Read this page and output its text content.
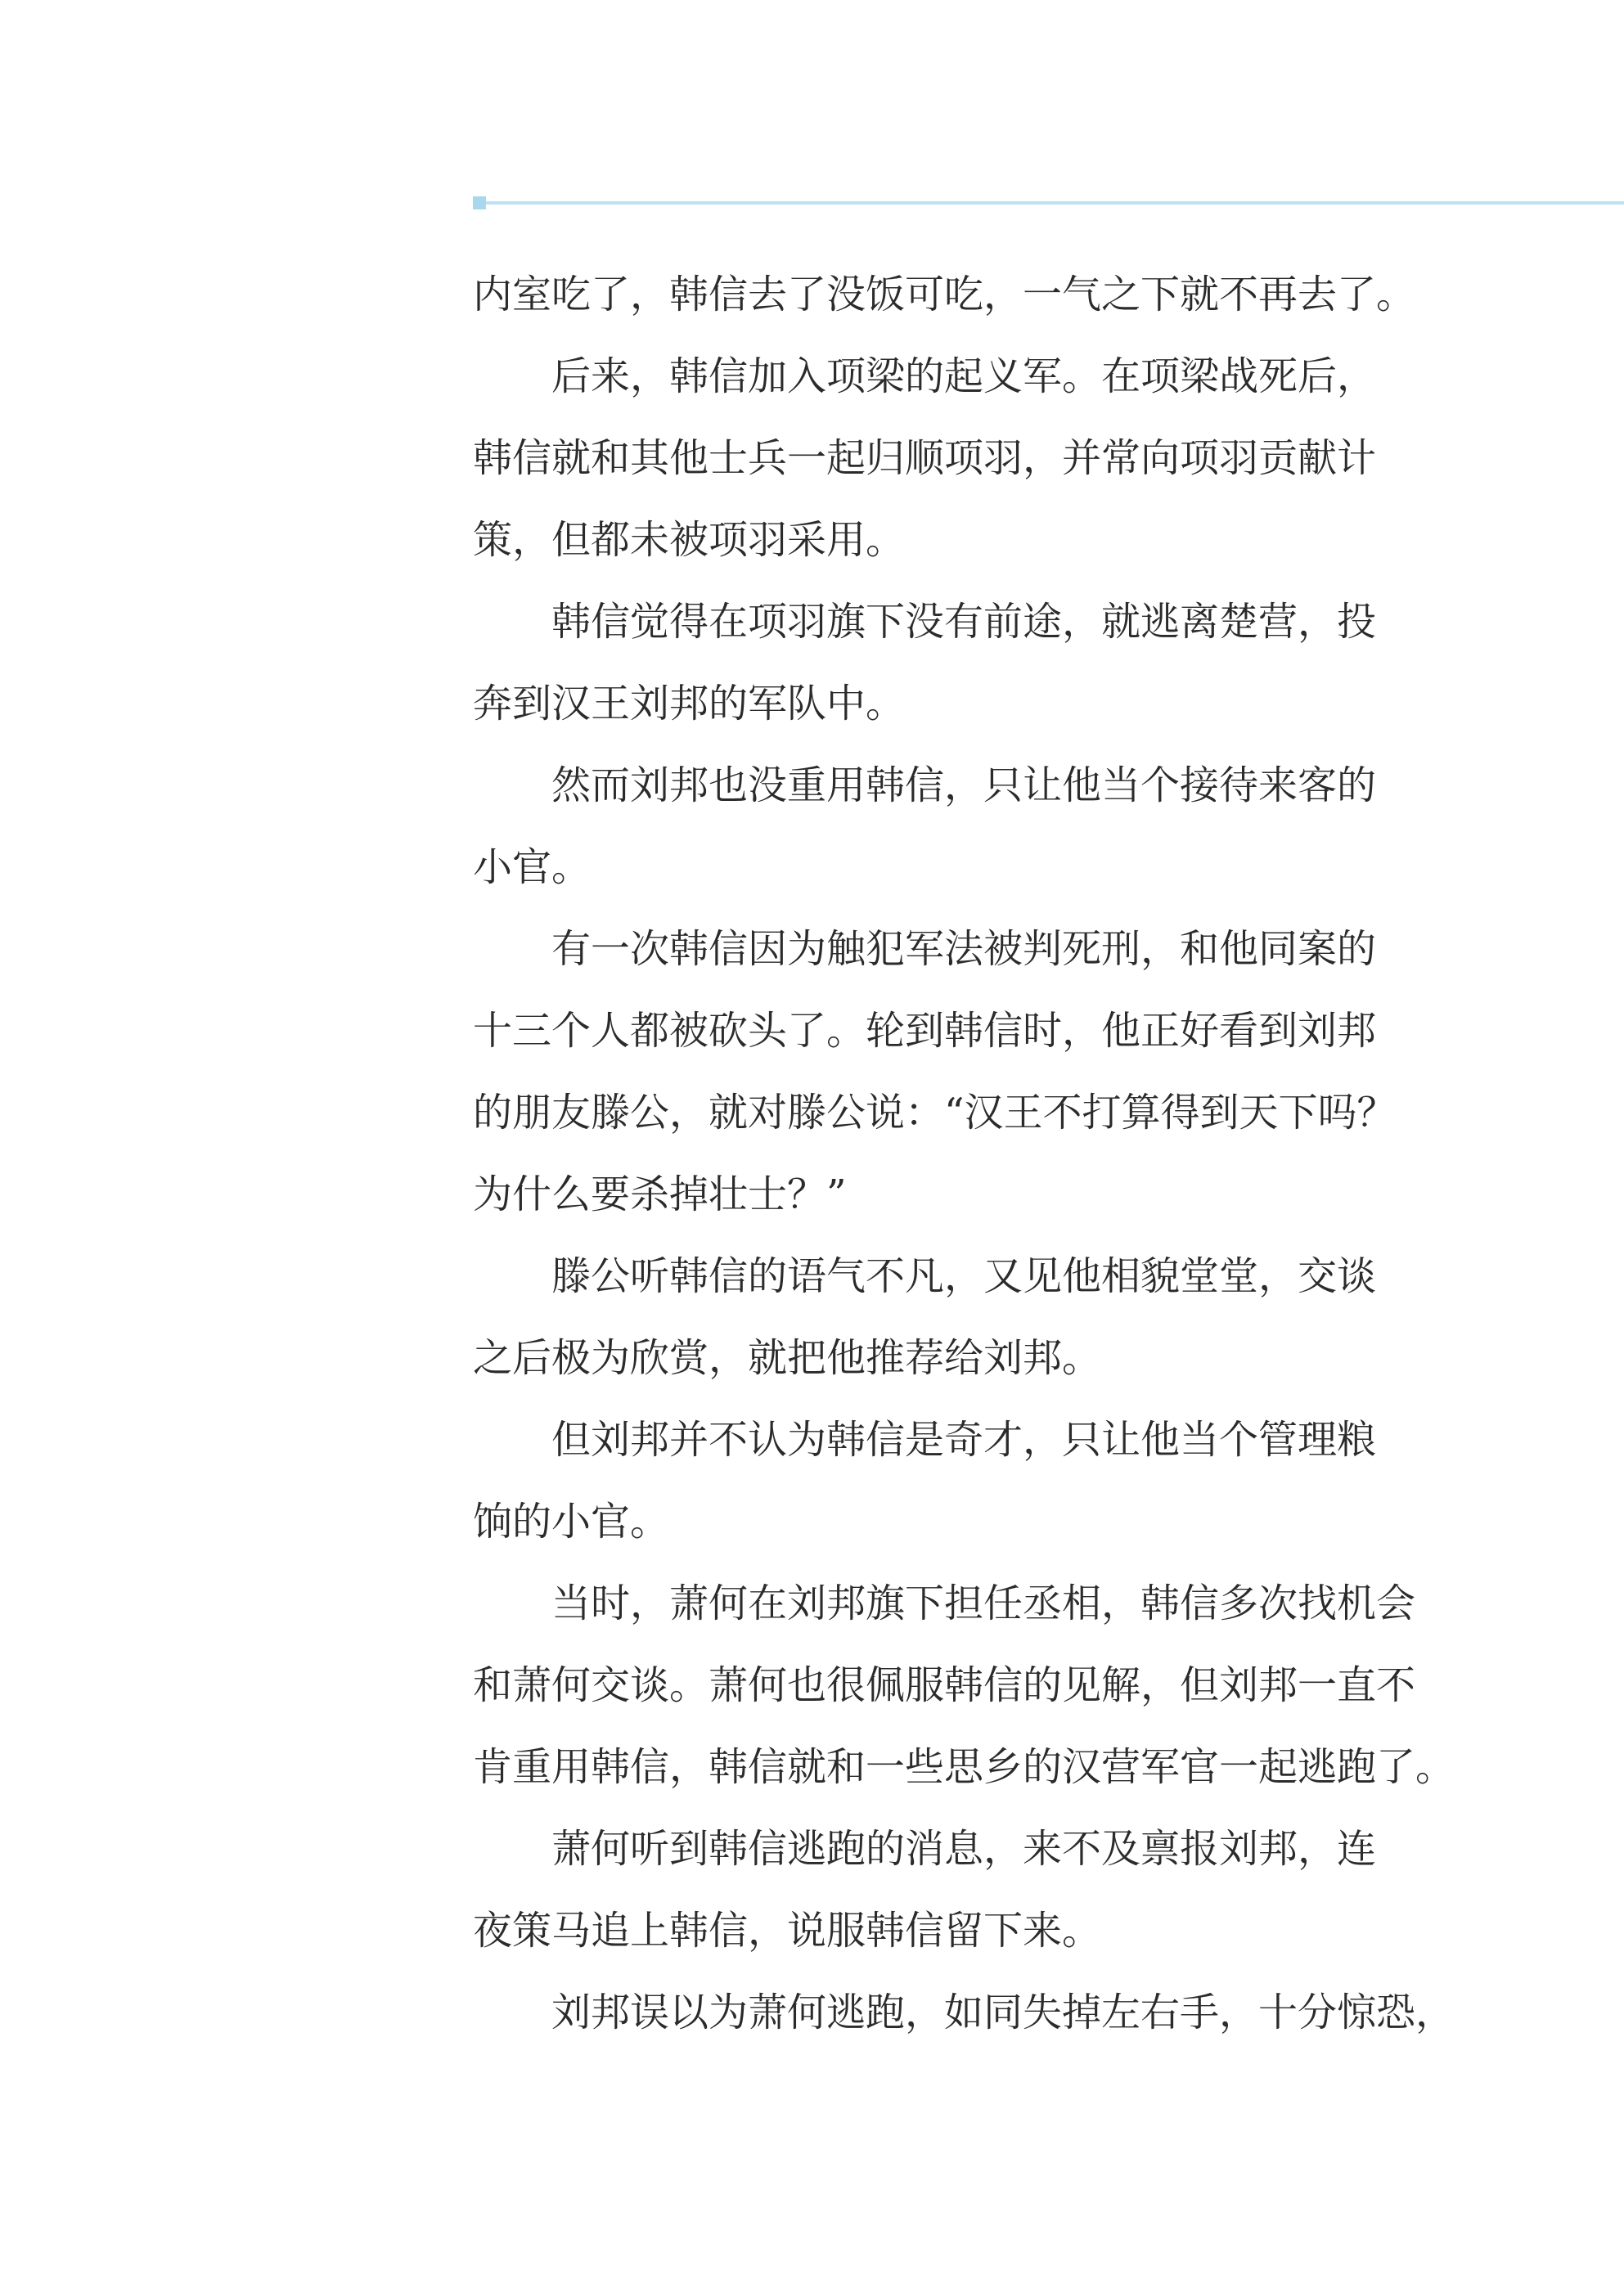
内室吃了，韩信去了没饭可吃，一气之下就不再去了。
后来，韩信加入项梁的起义军。在项梁战死后，
韩信就和其他士兵一起归顺项羽，并常向项羽贡献计
策，但都未被项羽采用。
韩信觉得在项羽旗下没有前途，就逃离楚营，投
奔到汉王刘邦的军队中。
然而刘邦也没重用韩信，只让他当个接待来客的
小官。
有一次韩信因为触犯军法被判死刑，和他同案的
十三个人都被砍头了。轮到韩信时，他正好看到刘邦
的朋友滕公，就对滕公说：“汉王不打算得到天下吗？
为什么要杀掉壮士？”
滕公听韩信的语气不凡，又见他相貌堂堂，交谈
之后极为欣赏，就把他推荐给刘邦。
但刘邦并不认为韩信是奇才，只让他当个管理粮
饷的小官。
当时，萧何在刘邦旗下担任丞相，韩信多次找机会
和萧何交谈。萧何也很佩服韩信的见解，但刘邦一直不
肯重用韩信，韩信就和一些思乡的汉营军官一起逃跑了。
萧何听到韩信逃跑的消息，来不及禀报刘邦，连
夜策马追上韩信，说服韩信留下来。
刘邦误以为萧何逃跑，如同失掉左右手，十分惊恐，
